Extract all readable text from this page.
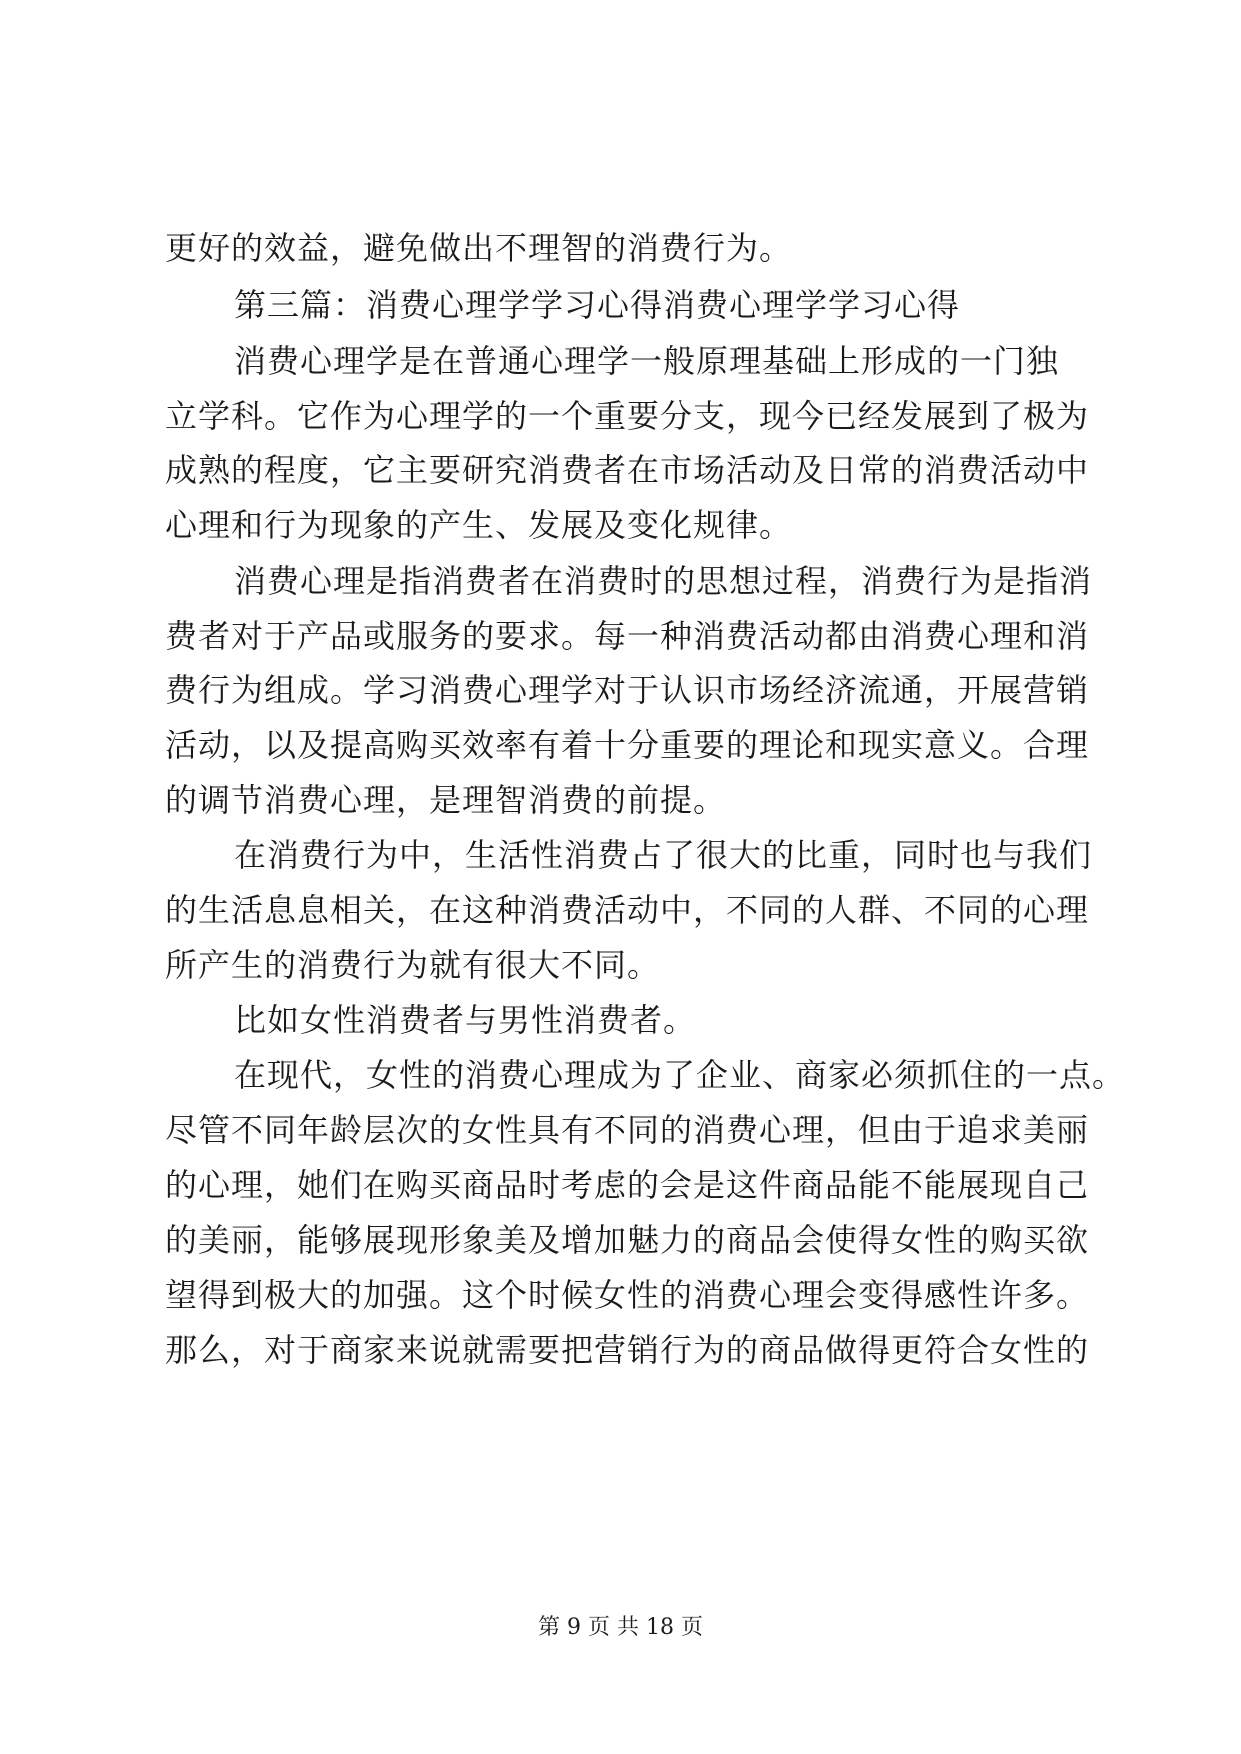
更好的效益，避免做出不理智的消费行为。
第三篇：消费心理学学习心得消费心理学学习心得
消费心理学是在普通心理学一般原理基础上形成的一门独
立学科。它作为心理学的一个重要分支，现今已经发展到了极为
成熟的程度，它主要研究消费者在市场活动及日常的消费活动中
心理和行为现象的产生、发展及变化规律。
消费心理是指消费者在消费时的思想过程，消费行为是指消
费者对于产品或服务的要求。每一种消费活动都由消费心理和消
费行为组成。学习消费心理学对于认识市场经济流通，开展营销
活动，以及提高购买效率有着十分重要的理论和现实意义。合理
的调节消费心理，是理智消费的前提。
在消费行为中，生活性消费占了很大的比重，同时也与我们
的生活息息相关，在这种消费活动中，不同的人群、不同的心理
所产生的消费行为就有很大不同。
比如女性消费者与男性消费者。
在现代，女性的消费心理成为了企业、商家必须抓住的一点。
尽管不同年龄层次的女性具有不同的消费心理，但由于追求美丽
的心理，她们在购买商品时考虑的会是这件商品能不能展现自己
的美丽，能够展现形象美及增加魅力的商品会使得女性的购买欲
望得到极大的加强。这个时候女性的消费心理会变得感性许多。
那么，对于商家来说就需要把营销行为的商品做得更符合女性的
第 9 页 共 18 页
